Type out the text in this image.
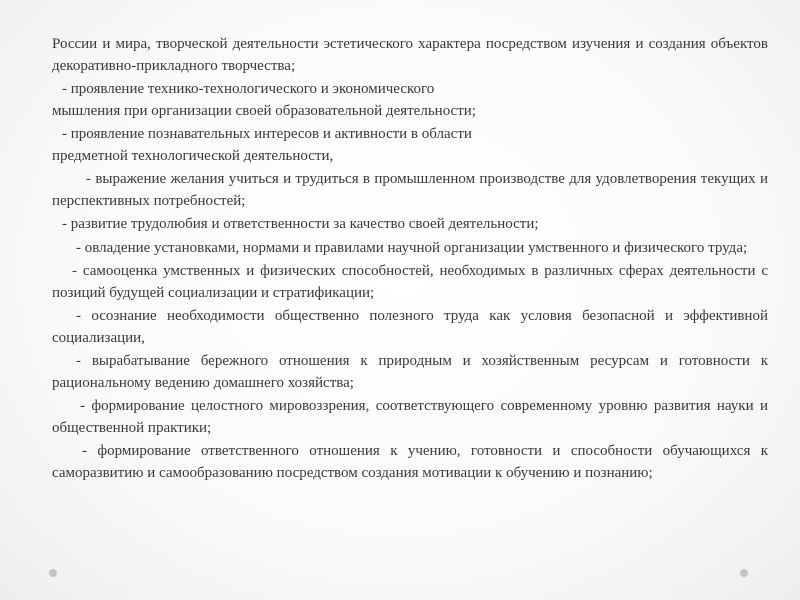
России и мира, творческой деятельности эстетического характера посредством изучения и создания объектов декоративно-прикладного творчества;

- проявление технико-технологического и экономического

мышления при организации своей образовательной деятельности;

- проявление познавательных интересов и активности в области

предметной технологической деятельности,

- выражение желания учиться и трудиться в промышленном производстве для удовлетворения текущих и перспективных потребностей;

- развитие трудолюбия и ответственности за качество своей деятельности;

- овладение установками, нормами и правилами научной организации умственного и физического труда;

- самооценка умственных и физических способностей, необходимых в различных сферах деятельности с позиций будущей социализации и стратификации;

- осознание необходимости общественно полезного труда как условия безопасной и эффективной социализации,

- вырабатывание бережного отношения к природным и хозяйственным ресурсам и готовности к рациональному ведению домашнего хозяйства;

- формирование целостного мировоззрения, соответствующего современному уровню развития науки и общественной практики;

- формирование ответственного отношения к учению, готовности и способности обучающихся к саморазвитию и самообразованию посредством создания мотивации к обучению и познанию;
